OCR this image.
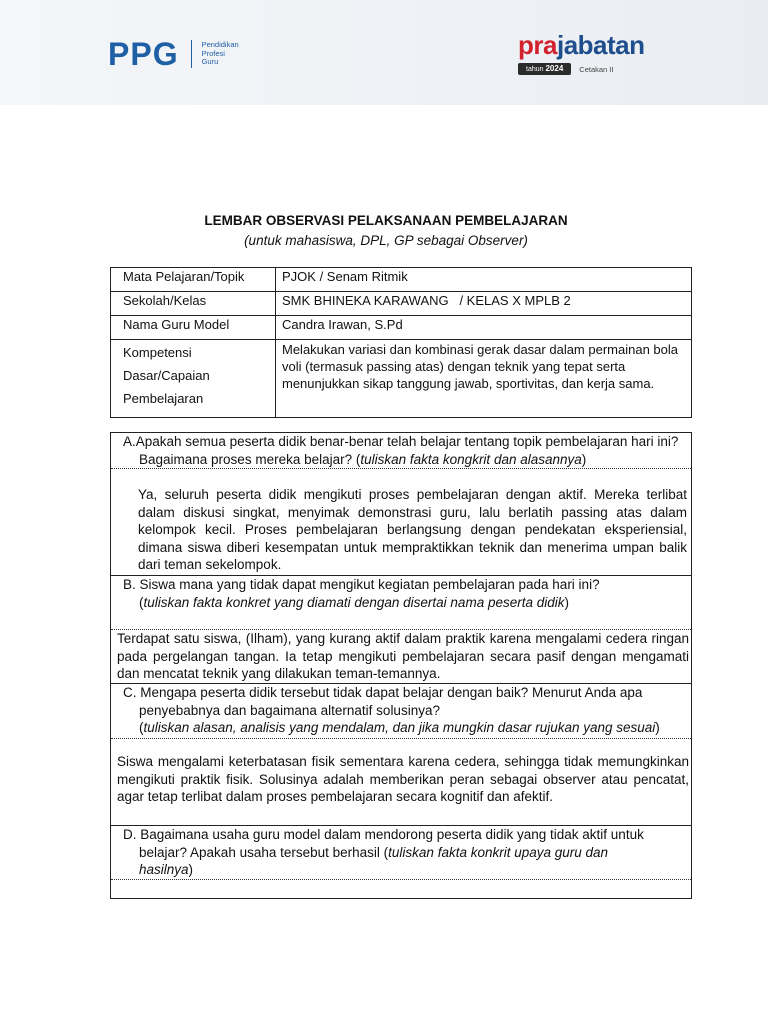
PPG	Pendidikan
Profesi
Guru
prajabatan
tahun 2024	Cetakan II
LEMBAR OBSERVASI PELAKSANAAN PEMBELAJARAN
(untuk mahasiswa, DPL, GP sebagai Observer)
Mata Pelajaran/Topik	PJOK / Senam Ritmik
Sekolah/Kelas	SMK BHINEKA KARAWANG   / KELAS X MPLB 2
Nama Guru Model	Candra Irawan, S.Pd

Kompetensi
Dasar/Capaian
Pembelajaran	Melakukan variasi dan kombinasi gerak dasar dalam permainan bola voli (termasuk passing atas) dengan teknik yang tepat serta menunjukkan sikap tanggung jawab, sportivitas, dan kerja sama.
A.Apakah semua peserta didik benar-benar telah belajar tentang topik pembelajaran hari ini? Bagaimana proses mereka belajar? (tuliskan fakta kongkrit dan alasannya)
Ya, seluruh peserta didik mengikuti proses pembelajaran dengan aktif. Mereka terlibat dalam diskusi singkat, menyimak demonstrasi guru, lalu berlatih passing atas dalam kelompok kecil. Proses pembelajaran berlangsung dengan pendekatan eksperiensial, dimana siswa diberi kesempatan untuk mempraktikkan teknik dan menerima umpan balik dari teman sekelompok.
B. Siswa mana yang tidak dapat mengikut kegiatan pembelajaran pada hari ini?
(tuliskan fakta konkret yang diamati dengan disertai nama peserta didik)
Terdapat satu siswa, (Ilham), yang kurang aktif dalam praktik karena mengalami cedera ringan pada pergelangan tangan. Ia tetap mengikuti pembelajaran secara pasif dengan mengamati dan mencatat teknik yang dilakukan teman-temannya.
C. Mengapa peserta didik tersebut tidak dapat belajar dengan baik? Menurut Anda apa penyebabnya dan bagaimana alternatif solusinya?
(tuliskan alasan, analisis yang mendalam, dan jika mungkin dasar rujukan yang sesuai)
Siswa mengalami keterbatasan fisik sementara karena cedera, sehingga tidak memungkinkan mengikuti praktik fisik. Solusinya adalah memberikan peran sebagai observer atau pencatat, agar tetap terlibat dalam proses pembelajaran secara kognitif dan afektif.
D. Bagaimana usaha guru model dalam mendorong peserta didik yang tidak aktif untuk belajar? Apakah usaha tersebut berhasil (tuliskan fakta konkrit upaya guru dan hasilnya)
